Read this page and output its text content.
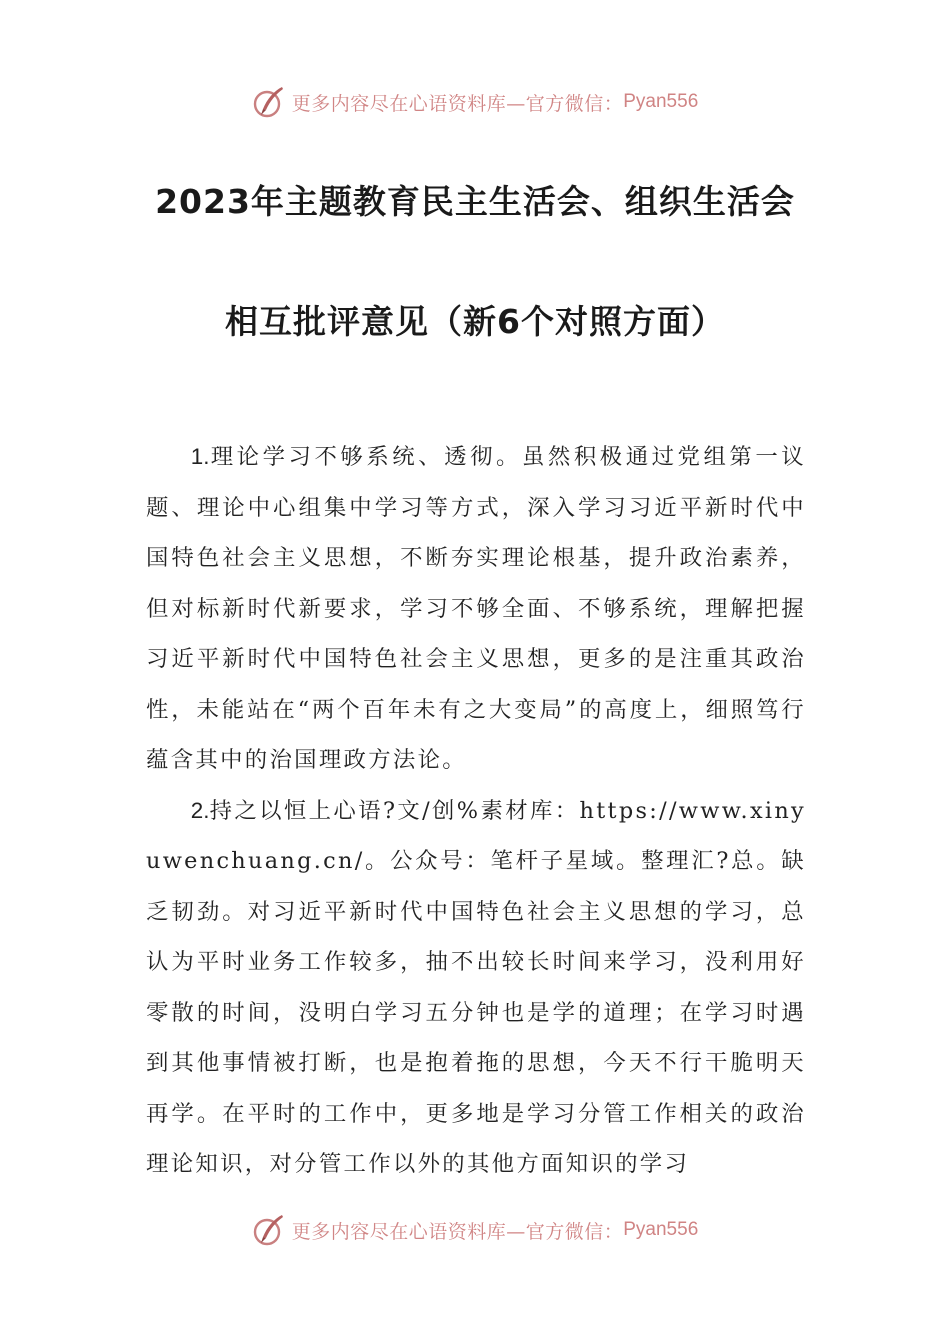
更多内容尽在心语资料库—官方微信： Pyan556
2023年主题教育民主生活会、组织生活会
相互批评意见（新6个对照方面）

1.理论学习不够系统、透彻。虽然积极通过党组第一议题、理论中心组集中学习等方式，深入学习习近平新时代中国特色社会主义思想，不断夯实理论根基，提升政治素养，但对标新时代新要求，学习不够全面、不够系统，理解把握习近平新时代中国特色社会主义思想，更多的是注重其政治性，未能站在“两个百年未有之大变局”的高度上，细照笃行蕴含其中的治国理政方法论。

2.持之以恒上心语?文/创%素材库：https://www.xinyuwenchuang.cn/。公众号：笔杆子星域。整理汇?总。缺乏韧劲。对习近平新时代中国特色社会主义思想的学习，总认为平时业务工作较多，抽不出较长时间来学习，没利用好零散的时间，没明白学习五分钟也是学的道理；在学习时遇到其他事情被打断，也是抱着拖的思想，今天不行干脆明天再学。在平时的工作中，更多地是学习分管工作相关的政治理论知识，对分管工作以外的其他方面知识的学习

更多内容尽在心语资料库—官方微信： Pyan556
